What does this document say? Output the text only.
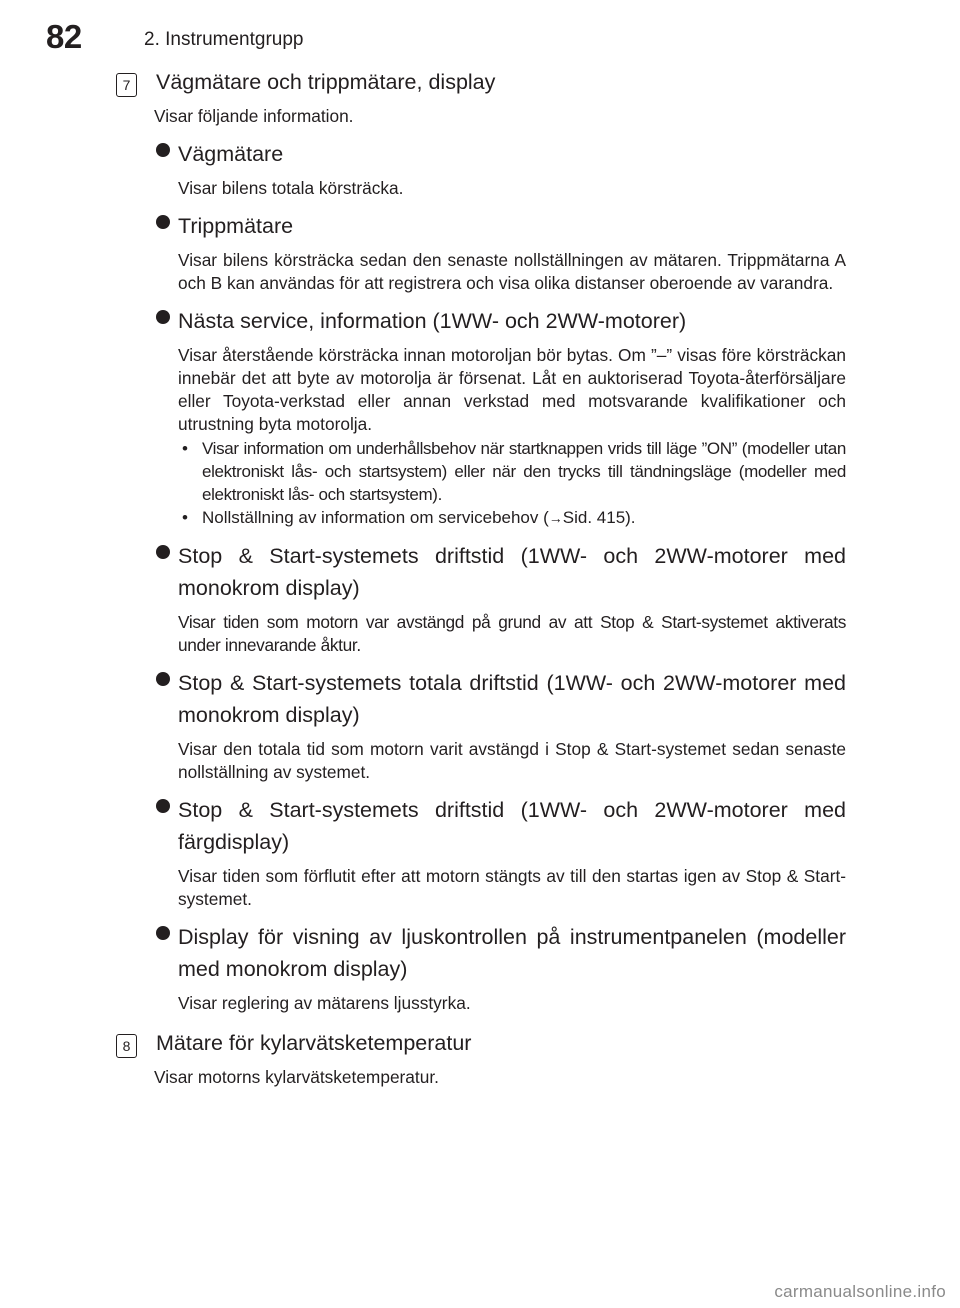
82	2. Instrumentgrupp
7	Vägmätare och trippmätare, display
Visar följande information.
Vägmätare
Visar bilens totala körsträcka.
Trippmätare
Visar bilens körsträcka sedan den senaste nollställningen av mätaren. Trippmätarna A och B kan användas för att registrera och visa olika distanser oberoende av varandra.
Nästa service, information (1WW- och 2WW-motorer)
Visar återstående körsträcka innan motoroljan bör bytas. Om ”–” visas före körsträckan innebär det att byte av motorolja är försenat. Låt en auktoriserad Toyota-återförsäljare eller Toyota-verkstad eller annan verkstad med motsvarande kvalifikationer och utrustning byta motorolja.
• Visar information om underhållsbehov när startknappen vrids till läge ”ON” (modeller utan elektroniskt lås- och startsystem) eller när den trycks till tändningsläge (modeller med elektroniskt lås- och startsystem).
• Nollställning av information om servicebehov (→Sid. 415).
Stop & Start-systemets driftstid (1WW- och 2WW-motorer med monokrom display)
Visar tiden som motorn var avstängd på grund av att Stop & Start-systemet aktiverats under innevarande åktur.
Stop & Start-systemets totala driftstid (1WW- och 2WW-motorer med monokrom display)
Visar den totala tid som motorn varit avstängd i Stop & Start-systemet sedan senaste nollställning av systemet.
Stop & Start-systemets driftstid (1WW- och 2WW-motorer med färgdisplay)
Visar tiden som förflutit efter att motorn stängts av till den startas igen av Stop & Start-systemet.
Display för visning av ljuskontrollen på instrumentpanelen (modeller med monokrom display)
Visar reglering av mätarens ljusstyrka.
8	Mätare för kylarvätsketemperatur
Visar motorns kylarvätsketemperatur.
carmanualsonline.info
